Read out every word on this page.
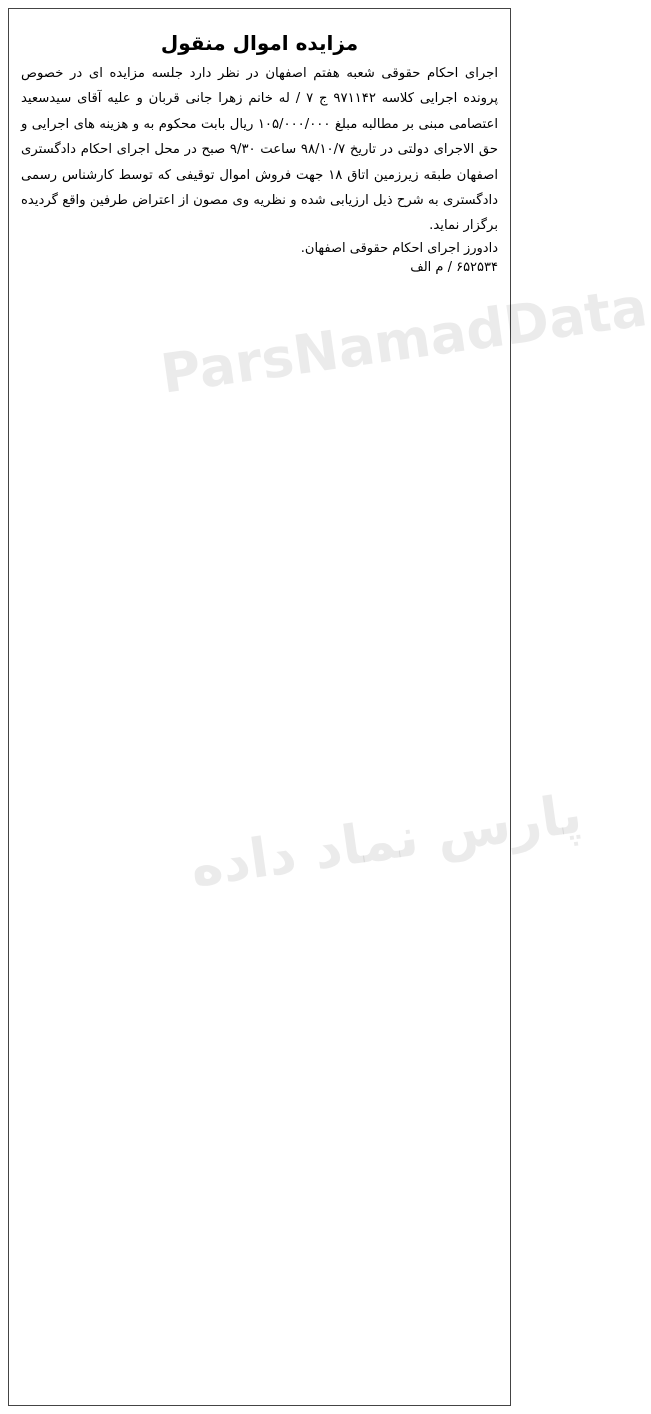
مزایده اموال منقول
اجرای احکام حقوقی شعبه هفتم اصفهان در نظر دارد جلسه مزایده ای در خصوص پرونده اجرایی کلاسه ۹۷۱۱۴۲ ج ۷ / له خانم زهرا جانی قربان و علیه آقای سیدسعید اعتصامی مبنی بر مطالبه مبلغ ۱۰۵/۰۰۰/۰۰۰ ریال بابت محکوم به و هزینه های اجرایی و حق الاجرای دولتی در تاریخ ۹۸/۱۰/۷ ساعت ۹/۳۰ صبح در محل اجرای احکام دادگستری اصفهان طبقه زیرزمین اتاق ۱۸ جهت فروش اموال توقیفی که توسط کارشناس رسمی دادگستری به شرح ذیل ارزیابی شده و نظریه وی مصون از اعتراض طرفین واقع گردیده برگزار نماید.
دادورز اجرای احکام حقوقی اصفهان.
۶۵۲۵۳۴ / م الف
ParsNamadData
پارس نماد داده
